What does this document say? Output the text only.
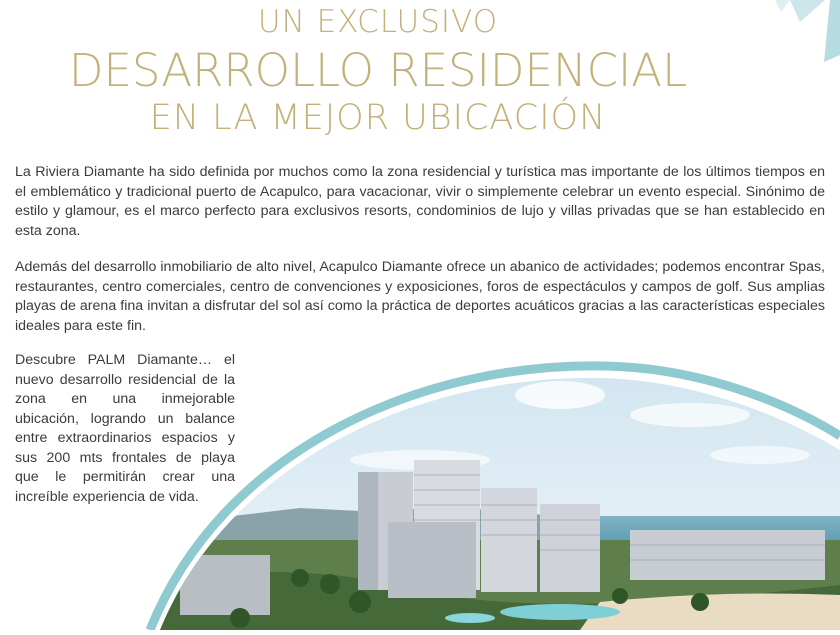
UN EXCLUSIVO
DESARROLLO RESIDENCIAL
EN LA MEJOR UBICACIÓN
La Riviera Diamante ha sido definida por muchos como la zona residencial y turística mas importante de los últimos tiempos en el emblemático y tradicional puerto de Acapulco, para vacacionar, vivir o simplemente celebrar un evento especial. Sinónimo de estilo y glamour, es el marco perfecto para exclusivos resorts, condominios de lujo y villas privadas que se han establecido en esta zona.
Además del desarrollo inmobiliario de alto nivel, Acapulco Diamante ofrece un abanico de actividades; podemos encontrar Spas, restaurantes, centro comerciales, centro de convenciones y exposiciones, foros de espectáculos y campos de golf. Sus amplias playas de arena fina invitan a disfrutar del sol así como la práctica de deportes acuáticos gracias a las características especiales ideales para este fin.
Descubre PALM Diamante… el nuevo desarrollo residencial de la zona en una inmejorable ubicación, logrando un balance entre extraordinarios espacios y sus 200 mts frontales de playa que le permitirán crear una increíble experiencia de vida.
